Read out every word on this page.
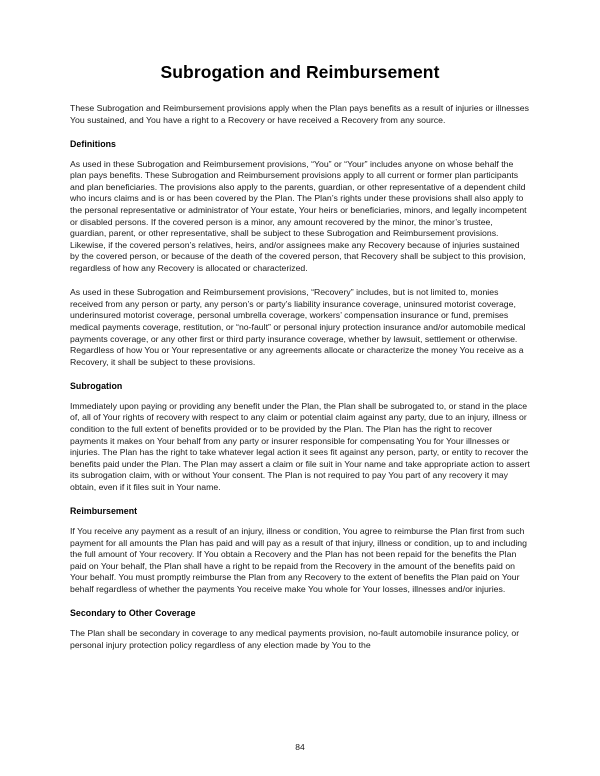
Subrogation and Reimbursement

These Subrogation and Reimbursement provisions apply when the Plan pays benefits as a result of injuries or illnesses You sustained, and You have a right to a Recovery or have received a Recovery from any source.

Definitions

As used in these Subrogation and Reimbursement provisions, “You” or “Your” includes anyone on whose behalf the plan pays benefits. These Subrogation and Reimbursement provisions apply to all current or former plan participants and plan beneficiaries. The provisions also apply to the parents, guardian, or other representative of a dependent child who incurs claims and is or has been covered by the Plan. The Plan’s rights under these provisions shall also apply to the personal representative or administrator of Your estate, Your heirs or beneficiaries, minors, and legally incompetent or disabled persons. If the covered person is a minor, any amount recovered by the minor, the minor’s trustee, guardian, parent, or other representative, shall be subject to these Subrogation and Reimbursement provisions. Likewise, if the covered person’s relatives, heirs, and/or assignees make any Recovery because of injuries sustained by the covered person, or because of the death of the covered person, that Recovery shall be subject to this provision, regardless of how any Recovery is allocated or characterized.

As used in these Subrogation and Reimbursement provisions, “Recovery” includes, but is not limited to, monies received from any person or party, any person’s or party’s liability insurance coverage, uninsured motorist coverage, underinsured motorist coverage, personal umbrella coverage, workers’ compensation insurance or fund, premises medical payments coverage, restitution, or “no-fault” or personal injury protection insurance and/or automobile medical payments coverage, or any other first or third party insurance coverage, whether by lawsuit, settlement or otherwise. Regardless of how You or Your representative or any agreements allocate or characterize the money You receive as a Recovery, it shall be subject to these provisions.

Subrogation

Immediately upon paying or providing any benefit under the Plan, the Plan shall be subrogated to, or stand in the place of, all of Your rights of recovery with respect to any claim or potential claim against any party, due to an injury, illness or condition to the full extent of benefits provided or to be provided by the Plan. The Plan has the right to recover payments it makes on Your behalf from any party or insurer responsible for compensating You for Your illnesses or injuries. The Plan has the right to take whatever legal action it sees fit against any person, party, or entity to recover the benefits paid under the Plan. The Plan may assert a claim or file suit in Your name and take appropriate action to assert its subrogation claim, with or without Your consent. The Plan is not required to pay You part of any recovery it may obtain, even if it files suit in Your name.

Reimbursement

If You receive any payment as a result of an injury, illness or condition, You agree to reimburse the Plan first from such payment for all amounts the Plan has paid and will pay as a result of that injury, illness or condition, up to and including the full amount of Your recovery. If You obtain a Recovery and the Plan has not been repaid for the benefits the Plan paid on Your behalf, the Plan shall have a right to be repaid from the Recovery in the amount of the benefits paid on Your behalf. You must promptly reimburse the Plan from any Recovery to the extent of benefits the Plan paid on Your behalf regardless of whether the payments You receive make You whole for Your losses, illnesses and/or injuries.

Secondary to Other Coverage

The Plan shall be secondary in coverage to any medical payments provision, no-fault automobile insurance policy, or personal injury protection policy regardless of any election made by You to the

84
